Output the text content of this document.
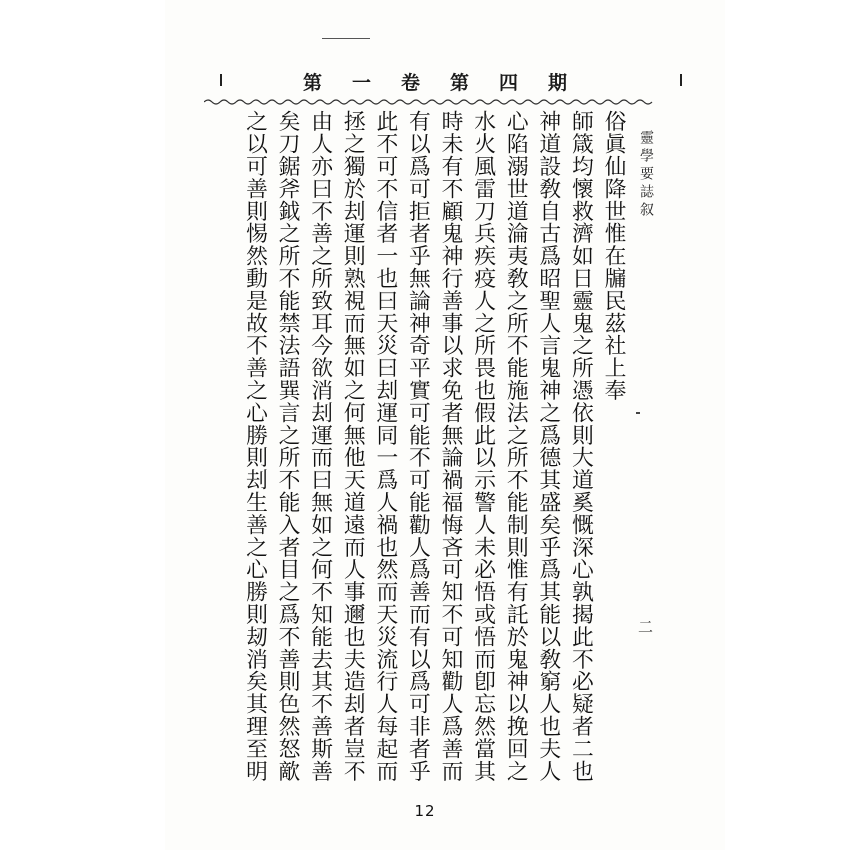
第一卷第四期
靈學要誌叙
二
俗眞仙降世惟在牖民茲社上奉
師箴均懷救濟如日靈鬼之所憑依則大道奚慨深心孰揭此不必疑者二也
神道設敎自古爲昭聖人言鬼神之爲德其盛矣乎爲其能以敎窮人也夫人
心陷溺世道淪夷敎之所不能施法之所不能制則惟有託於鬼神以挽回之
水火風雷刀兵疾疫人之所畏也假此以示警人未必悟或悟而卽忘然當其
時未有不顧鬼神行善事以求免者無論禍福悔吝可知不可知勸人爲善而
有以爲可拒者乎無論神奇平實可能不可能勸人爲善而有以爲可非者乎
此不可不信者一也曰天災曰刦運同一爲人禍也然而天災流行人每起而
拯之獨於刦運則熟視而無如之何無他天道遠而人事邇也夫造刦者豈不
由人亦曰不善之所致耳今欲消刦運而曰無如之何不知能去其不善斯善
矣刀鋸斧鉞之所不能禁法語巽言之所不能入者目之爲不善則色然怒歒
之以可善則惕然動是故不善之心勝則刦生善之心勝則刼消矣其理至明
12
